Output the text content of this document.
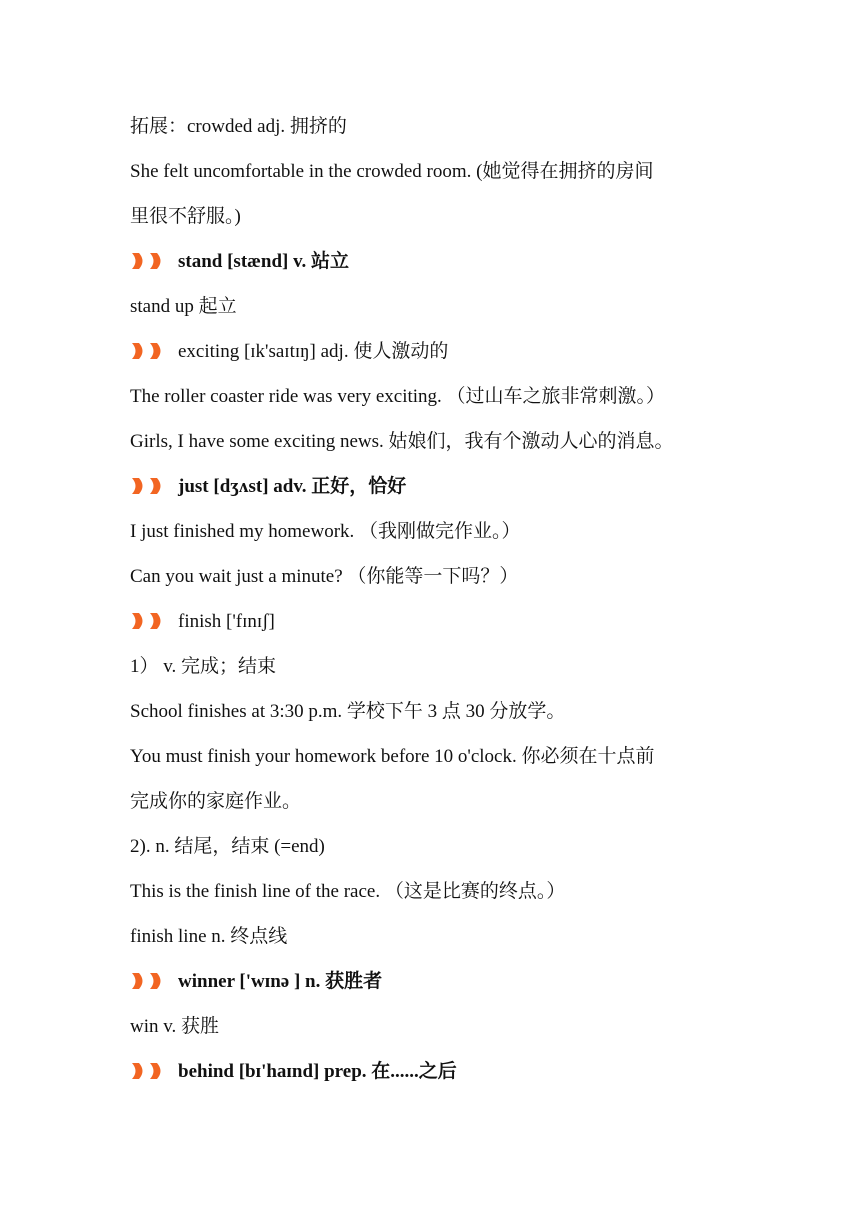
拓展：crowded adj. 拥挤的
She felt uncomfortable in the crowded room. (她觉得在拥挤的房间
里很不舒服。)
stand [stænd] v. 站立
stand up 起立
exciting [ɪk'saɪtɪŋ] adj. 使人激动的
The roller coaster ride was very exciting. （过山车之旅非常刺激。）
Girls, I have some exciting news. 姑娘们，我有个激动人心的消息。
just [dʒʌst] adv. 正好，恰好
I just finished my homework. （我刚做完作业。）
Can you wait just a minute? （你能等一下吗？）
finish ['fɪnɪʃ]
1） v. 完成；结束
School finishes at 3:30 p.m. 学校下午 3 点 30 分放学。
You must finish your homework before 10 o'clock. 你必须在十点前
完成你的家庭作业。
2). n. 结尾，结束 (=end)
This is the finish line of the race. （这是比赛的终点。）
finish line n. 终点线
winner ['wɪnə ] n. 获胜者
win v. 获胜
behind [bɪ'haɪnd] prep. 在......之后
